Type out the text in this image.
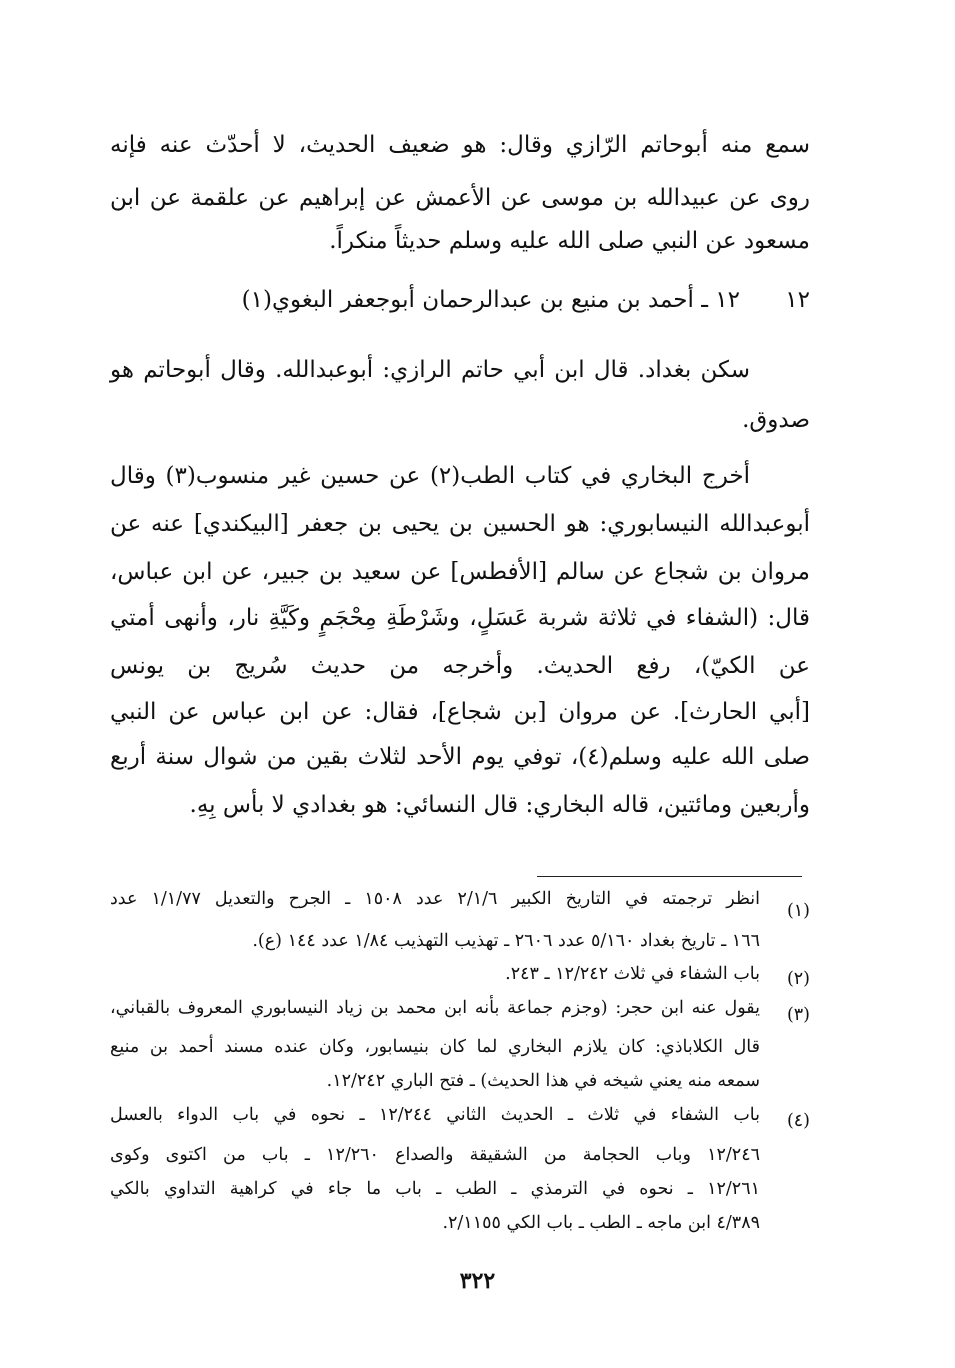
سمع منه أبوحاتم الرّازي وقال: هو ضعيف الحديث، لا أحدّث عنه فإنه
روى عن عبيدالله بن موسى عن الأعمش عن إبراهيم عن علقمة عن ابن
مسعود عن النبي صلى الله عليه وسلم حديثاً منكراً.
١٢١٢ ـ أحمد بن منيع بن عبدالرحمان أبوجعفر البغوي(١)
سكن بغداد. قال ابن أبي حاتم الرازي: أبوعبدالله. وقال أبوحاتم هو
صدوق.
أخرج البخاري في كتاب الطب(٢) عن حسين غير منسوب(٣) وقال
أبوعبدالله النيسابوري: هو الحسين بن يحيى بن جعفر [البيكندي] عنه عن
مروان بن شجاع عن سالم [الأفطس] عن سعيد بن جبير، عن ابن عباس،
قال: (الشفاء في ثلاثة شربة عَسَلٍ، وشَرْطَةِ مِحْجَمٍ وكَيَّةِ نار، وأنهى أمتي
عن الكيّ)، رفع الحديث. وأخرجه من حديث سُريج بن يونس
[أبي الحارث]. عن مروان [بن شجاع]، فقال: عن ابن عباس عن النبي
صلى الله عليه وسلم(٤)، توفي يوم الأحد لثلاث بقين من شوال سنة أربع
وأربعين ومائتين، قاله البخاري: قال النسائي: هو بغدادي لا بأس بِهِ.
(١)
انظر ترجمته في التاريخ الكبير ٢/١/٦ عدد ١٥٠٨ ـ الجرح والتعديل ١/١/٧٧ عدد
١٦٦ ـ تاريخ بغداد ٥/١٦٠ عدد ٢٦٠٦ ـ تهذيب التهذيب ١/٨٤ عدد ١٤٤ (ع).
(٢)
باب الشفاء في ثلاث ١٢/٢٤٢ ـ ٢٤٣.
(٣)
يقول عنه ابن حجر: (وجزم جماعة بأنه ابن محمد بن زياد النيسابوري المعروف بالقباني،
قال الكلاباذي: كان يلازم البخاري لما كان بنيسابور، وكان عنده مسند أحمد بن منيع
سمعه منه يعني شيخه في هذا الحديث) ـ فتح الباري ١٢/٢٤٢.
(٤)
باب الشفاء في ثلاث ـ الحديث الثاني ١٢/٢٤٤ ـ نحوه في باب الدواء بالعسل
١٢/٢٤٦ وباب الحجامة من الشقيقة والصداع ١٢/٢٦٠ ـ باب من اكتوى وكوى
١٢/٢٦١ ـ نحوه في الترمذي ـ الطب ـ باب ما جاء في كراهية التداوي بالكي
٤/٣٨٩ ابن ماجه ـ الطب ـ باب الكي ٢/١١٥٥.
٣٢٢
